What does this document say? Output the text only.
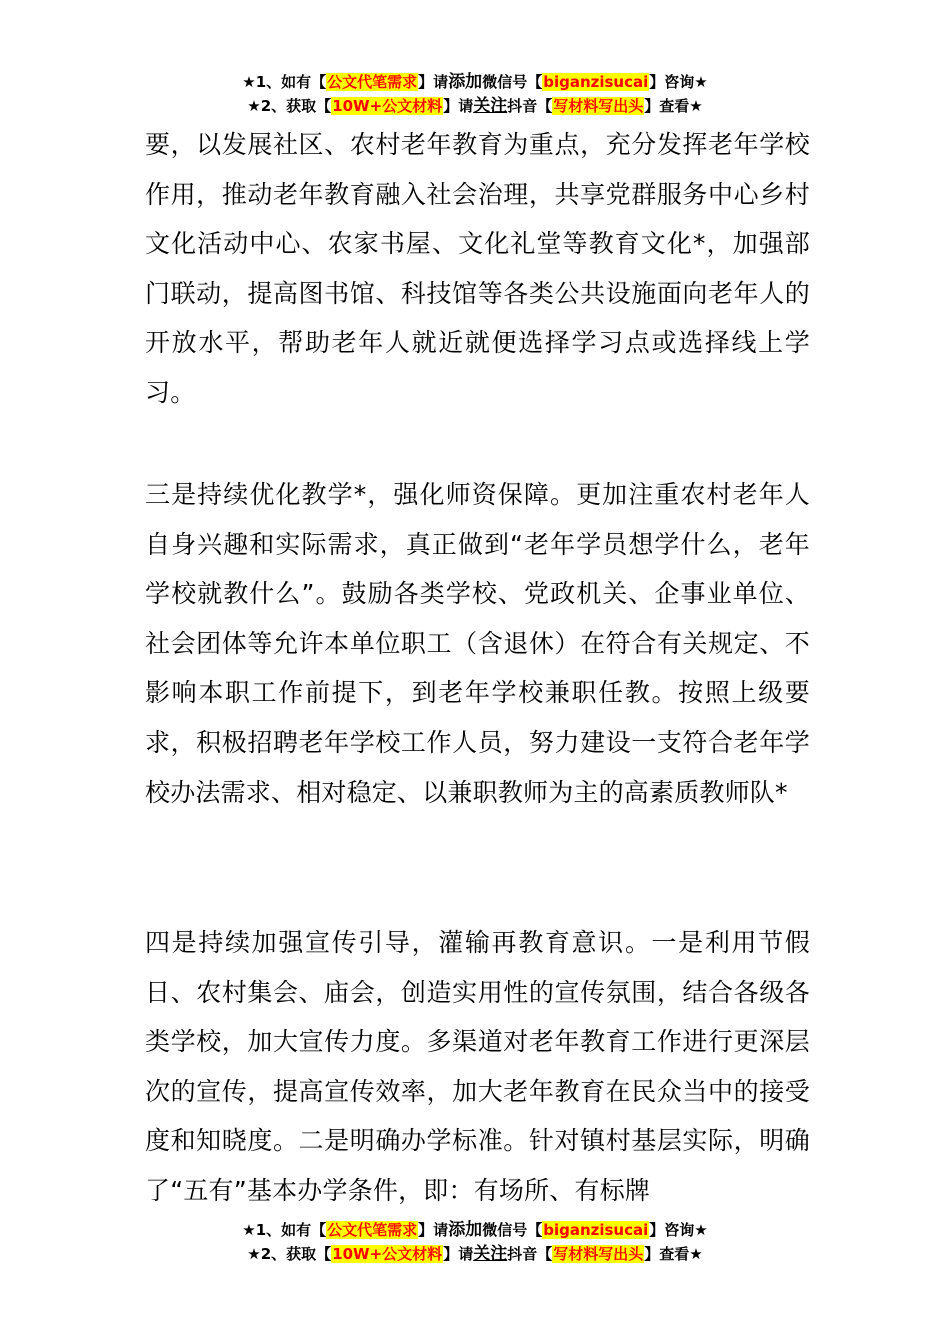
★1、如有【公文代笔需求】请添加微信号【biganzisucai】咨询★
★2、获取【10W+公文材料】请关注抖音【写材料写出头】查看★

要，以发展社区、农村老年教育为重点，充分发挥老年学校作用，推动老年教育融入社会治理，共享党群服务中心乡村文化活动中心、农家书屋、文化礼堂等教育文化*，加强部门联动，提高图书馆、科技馆等各类公共设施面向老年人的开放水平，帮助老年人就近就便选择学习点或选择线上学习。

三是持续优化教学*，强化师资保障。更加注重农村老年人自身兴趣和实际需求，真正做到“老年学员想学什么，老年学校就教什么”。鼓励各类学校、党政机关、企事业单位、社会团体等允许本单位职工（含退休）在符合有关规定、不影响本职工作前提下，到老年学校兼职任教。按照上级要求，积极招聘老年学校工作人员，努力建设一支符合老年学校办法需求、相对稳定、以兼职教师为主的高素质教师队*

四是持续加强宣传引导，灌输再教育意识。一是利用节假日、农村集会、庙会，创造实用性的宣传氛围，结合各级各类学校，加大宣传力度。多渠道对老年教育工作进行更深层次的宣传，提高宣传效率，加大老年教育在民众当中的接受度和知晓度。二是明确办学标准。针对镇村基层实际，明确了“五有”基本办学条件，即：有场所、有标牌

★1、如有【公文代笔需求】请添加微信号【biganzisucai】咨询★
★2、获取【10W+公文材料】请关注抖音【写材料写出头】查看★
